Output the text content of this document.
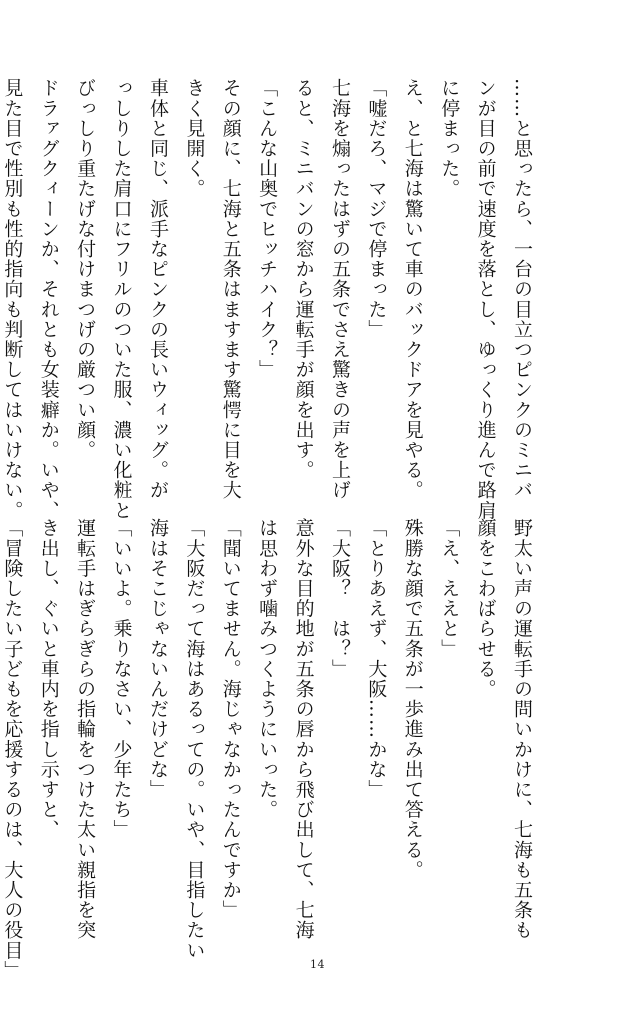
……と思ったら、一台の目立つピンクのミニバ
ンが目の前で速度を落とし、ゆっくり進んで路肩
に停まった。
え、と七海は驚いて車のバックドアを見やる。
「嘘だろ、マジで停まった」
七海を煽ったはずの五条でさえ驚きの声を上げ
ると、ミニバンの窓から運転手が顔を出す。
「こんな山奥でヒッチハイク？」
その顔に、七海と五条はますます驚愕に目を大
きく見開く。
車体と同じ、派手なピンクの長いウィッグ。が
っしりした肩口にフリルのついた服、濃い化粧と
びっしり重たげな付けまつげの厳つい顔。
ドラァグクィーンか、それとも女装癖か。いや、
見た目で性別も性的指向も判断してはいけない。
野太い声の運転手の問いかけに、七海も五条も
顔をこわばらせる。
「え、ええと」
殊勝な顔で五条が一歩進み出て答える。
「とりあえず、大阪……かな」
「大阪？　は？」
意外な目的地が五条の唇から飛び出して、七海
は思わず噛みつくようにいった。
「聞いてません。海じゃなかったんですか」
「大阪だって海はあるっての。いや、目指したい
海はそこじゃないんだけどな」
「いいよ。乗りなさい、少年たち」
運転手はぎらぎらの指輪をつけた太い親指を突
き出し、ぐいと車内を指し示すと、
「冒険したい子どもを応援するのは、大人の役目」	14
